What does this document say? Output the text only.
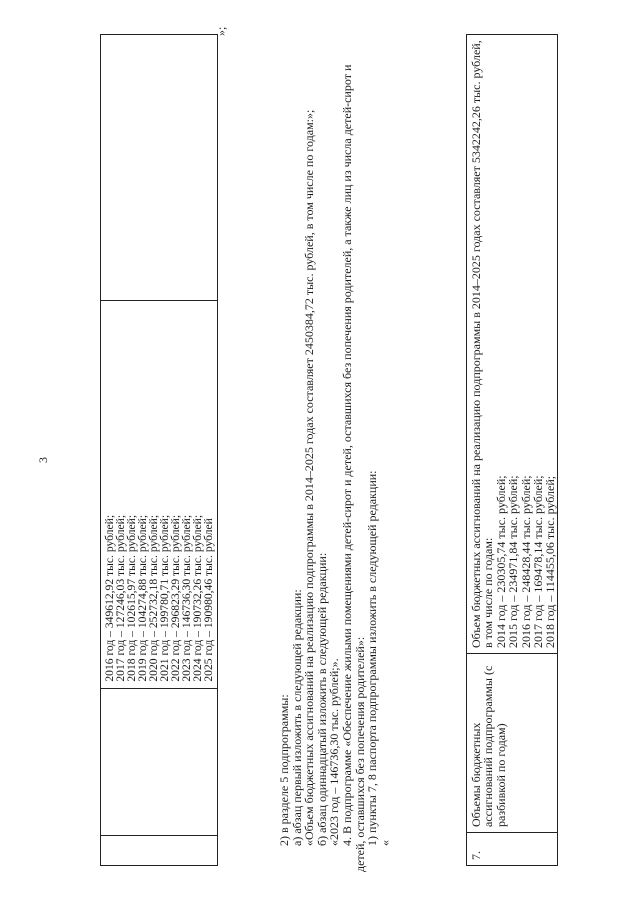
3

2016 год – 349612,92 тыс. рублей;
2017 год – 127246,03 тыс. рублей;
2018 год – 102615,97 тыс. рублей;
2019 год – 104274,88 тыс. рублей;
2020 год – 252732,18 тыс. рублей;
2021 год – 199780,71 тыс. рублей;
2022 год – 296823,29 тыс. рублей;
2023 год – 146736,30 тыс. рублей;
2024 год – 190732,26 тыс. рублей;
2025 год – 190980,46 тыс. рублей

»;

2) в разделе 5 подпрограммы:

а) абзац первый изложить в следующей редакции:

«Объем бюджетных ассигнований на реализацию подпрограммы в 2014–2025 годах составляет 2450384,72 тыс. рублей, в том числе по годам:»;

б) абзац одиннадцатый изложить в следующей редакции:

«2023 год – 146736,30 тыс. рублей;».

4. В подпрограмме «Обеспечение жилыми помещениями детей-сирот и детей, оставшихся без попечения родителей, а также лиц из числа детей-сирот и детей, оставшихся без попечения родителей»:

1) пункты 7, 8 паспорта подпрограммы изложить в следующей редакции:

«

7.	Объемы бюджетных ассигнований подпрограммы (с разбивкой по годам)	
Объем бюджетных ассигнований на реализацию подпрограммы в 2014–2025 годах составляет 5342242,26 тыс. рублей, в том числе по годам:
2014 год – 230305,74 тыс. рублей;
2015 год – 234971,84 тыс. рублей;
2016 год – 248428,44 тыс. рублей;
2017 год – 169478,14 тыс. рублей;
2018 год – 114455,06 тыс. рублей;
